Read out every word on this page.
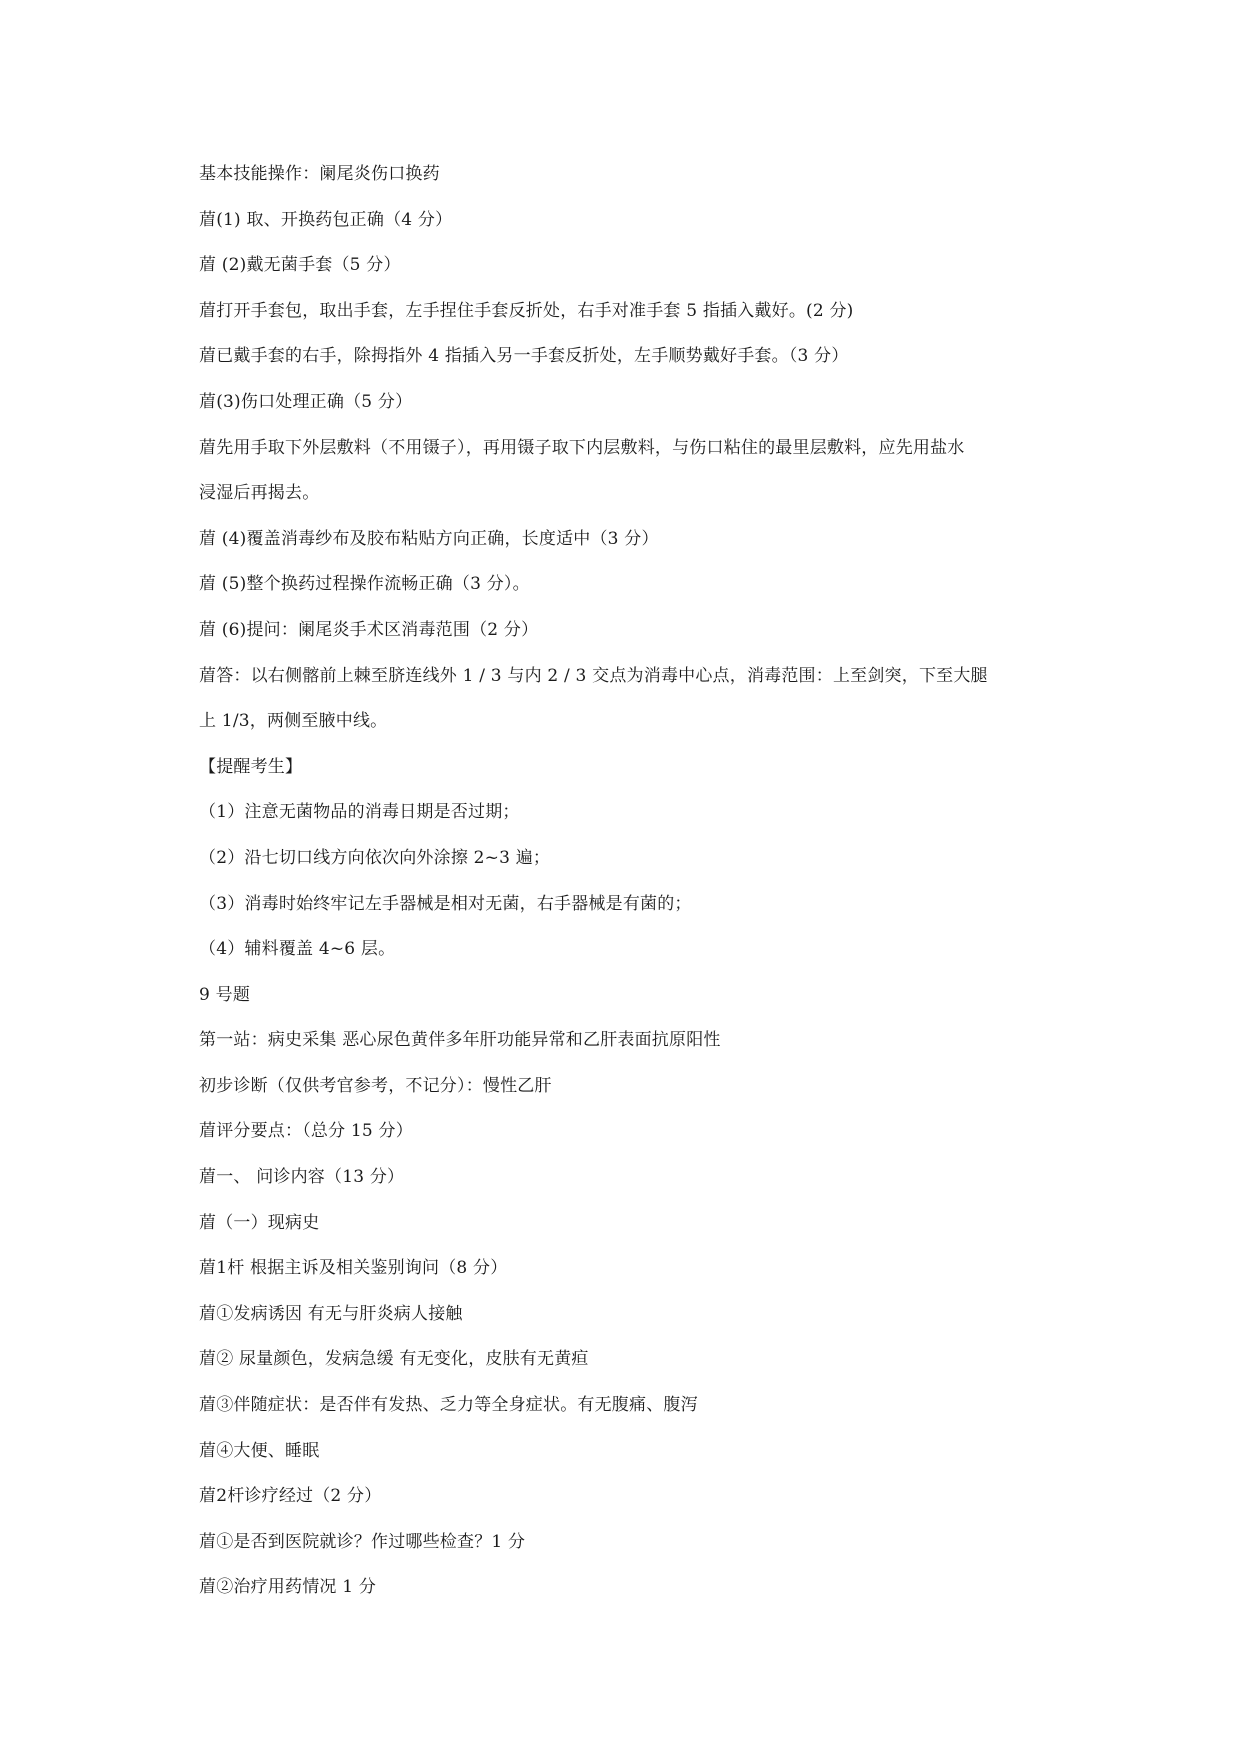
基本技能操作：阑尾炎伤口换药
葿(1) 取、开换药包正确（4 分）
葿 (2)戴无菌手套（5 分）
葿打开手套包，取出手套，左手捏住手套反折处，右手对准手套 5 指插入戴好。(2 分)
葿已戴手套的右手，除拇指外 4 指插入另一手套反折处，左手顺势戴好手套。（3 分）
葿(3)伤口处理正确（5 分）
葿先用手取下外层敷料（不用镊子），再用镊子取下内层敷料，与伤口粘住的最里层敷料，应先用盐水
浸湿后再揭去。
葿 (4)覆盖消毒纱布及胶布粘贴方向正确，长度适中（3 分）
葿 (5)整个换药过程操作流畅正确（3 分）。
葿 (6)提问：阑尾炎手术区消毒范围（2 分）
葿答：以右侧髂前上棘至脐连线外 1 / 3 与内 2 / 3 交点为消毒中心点，消毒范围：上至剑突，下至大腿
上 1/3，两侧至腋中线。
【提醒考生】
（1）注意无菌物品的消毒日期是否过期；
（2）沿七切口线方向依次向外涂擦 2~3 遍；
（3）消毒时始终牢记左手器械是相对无菌，右手器械是有菌的；
（4）辅料覆盖 4~6 层。
9 号题
第一站：病史采集 恶心尿色黄伴多年肝功能异常和乙肝表面抗原阳性
初步诊断（仅供考官参考，不记分）：慢性乙肝
葿评分要点：（总分 15 分）
葿一、 问诊内容（13 分）
葿（一）现病史
葿1杆 根据主诉及相关鉴别询问（8 分）
葿①发病诱因 有无与肝炎病人接触
葿② 尿量颜色，发病急缓 有无变化，皮肤有无黄疸
葿③伴随症状：是否伴有发热、乏力等全身症状。有无腹痛、腹泻
葿④大便、睡眠
葿2杆诊疗经过（2 分）
葿①是否到医院就诊？作过哪些检查？1 分
葿②治疗用药情况 1 分
